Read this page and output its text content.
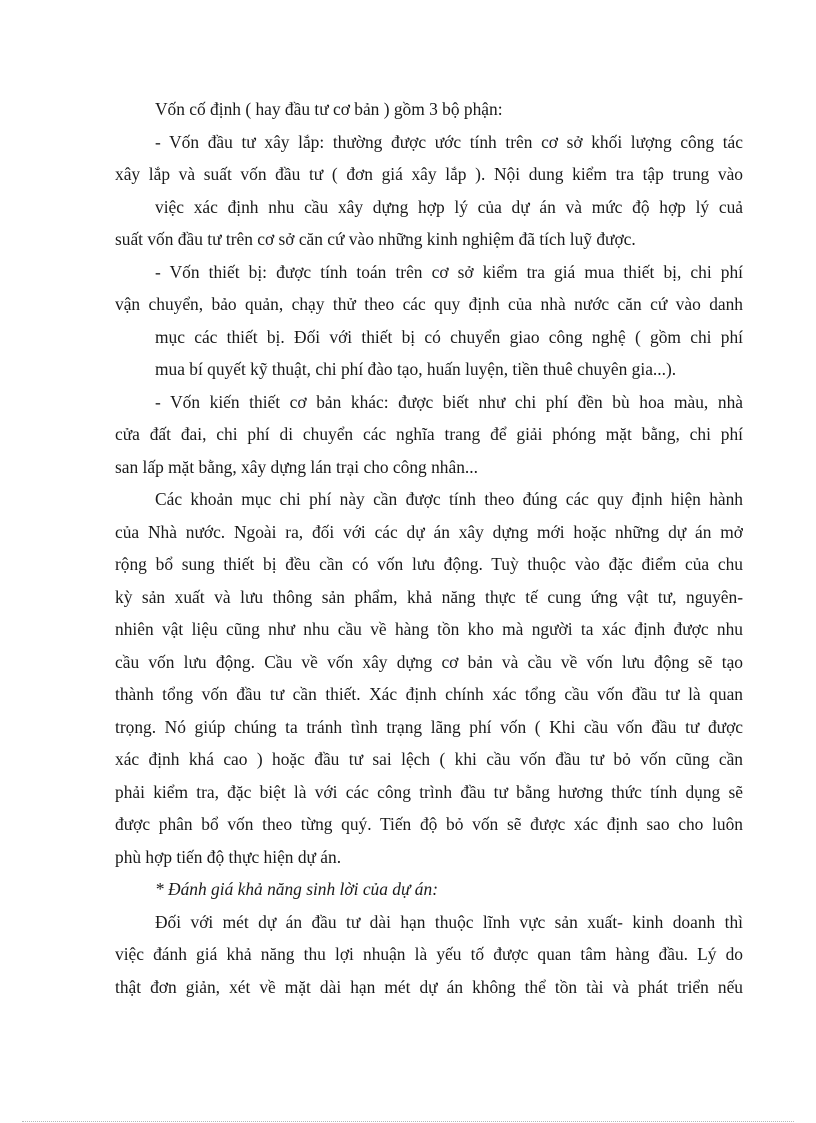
Vốn cố định ( hay đầu tư cơ bản ) gồm 3 bộ phận:
- Vốn đầu tư xây lắp: thường được ước tính trên cơ sở khối lượng công tác
xây lắp và suất vốn đầu tư ( đơn giá xây lắp ). Nội dung kiểm tra tập trung vào
việc xác định nhu cầu xây dựng hợp lý của dự án và mức độ hợp lý cuả
suất vốn đầu tư trên cơ sở căn cứ vào những kinh nghiệm đã tích luỹ được.
- Vốn thiết bị: được tính toán trên cơ sở kiểm tra giá mua thiết bị, chi phí
vận chuyển, bảo quản, chạy thử theo các quy định của nhà nước căn cứ vào danh
mục các thiết bị. Đối với thiết bị có chuyển giao công nghệ ( gồm chi phí
mua bí quyết kỹ thuật, chi phí đào tạo, huấn luyện, tiền thuê chuyên gia...).
- Vốn kiến thiết cơ bản khác: được biết như chi phí đền bù hoa màu, nhà
cửa đất đai, chi phí di chuyển các nghĩa trang để giải phóng mặt bằng, chi phí
san lấp mặt bằng, xây dựng lán trại cho công nhân...
Các khoản mục chi phí này cần được tính theo đúng các quy định hiện hành
của Nhà nước. Ngoài ra, đối với các dự án xây dựng mới hoặc những dự án mở
rộng bổ sung thiết bị đều cần có vốn lưu động. Tuỳ thuộc vào đặc điểm của chu
kỳ sản xuất và lưu thông sản phẩm, khả năng thực tế cung ứng vật tư, nguyên-
nhiên vật liệu cũng như nhu cầu về hàng tồn kho mà người ta xác định được nhu
cầu vốn lưu động. Cầu về vốn xây dựng cơ bản và cầu về vốn lưu động sẽ tạo
thành tổng vốn đầu tư cần thiết. Xác định chính xác tổng cầu vốn đầu tư là quan
trọng. Nó giúp chúng ta tránh tình trạng lãng phí vốn ( Khi cầu vốn đầu tư được
xác định khá cao ) hoặc đầu tư sai lệch ( khi cầu vốn đầu tư bỏ vốn cũng cần
phải kiểm tra, đặc biệt là với các công trình đầu tư bằng hương thức tính dụng sẽ
được phân bổ vốn theo từng quý. Tiến độ bỏ vốn sẽ được xác định sao cho luôn
phù hợp tiến độ thực hiện dự án.
* Đánh giá khả năng sinh lời của dự án:
Đối với mét dự án đầu tư dài hạn thuộc lĩnh vực sản xuất- kinh doanh thì
việc đánh giá khả năng thu lợi nhuận là yếu tố được quan tâm hàng đầu. Lý do
thật đơn giản, xét về mặt dài hạn mét dự án không thể tồn tài và phát triển nếu
